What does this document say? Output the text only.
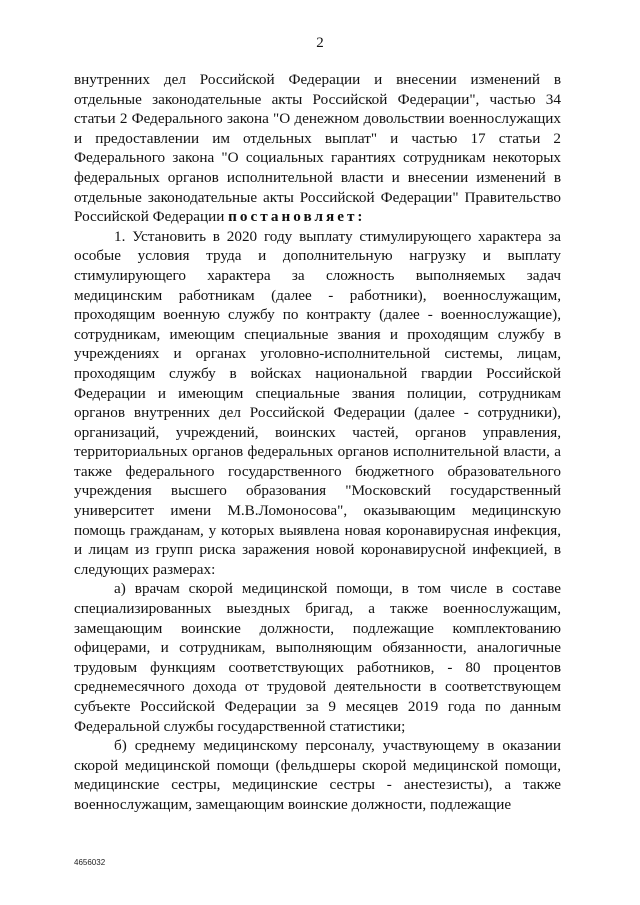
2

внутренних дел Российской Федерации и внесении изменений в отдельные законодательные акты Российской Федерации", частью 34 статьи 2 Федерального закона "О денежном довольствии военнослужащих и предоставлении им отдельных выплат" и частью 17 статьи 2 Федерального закона "О социальных гарантиях сотрудникам некоторых федеральных органов исполнительной власти и внесении изменений в отдельные законодательные акты Российской Федерации" Правительство Российской Федерации постановляет:

1. Установить в 2020 году выплату стимулирующего характера за особые условия труда и дополнительную нагрузку и выплату стимулирующего характера за сложность выполняемых задач медицинским работникам (далее - работники), военнослужащим, проходящим военную службу по контракту (далее - военнослужащие), сотрудникам, имеющим специальные звания и проходящим службу в учреждениях и органах уголовно-исполнительной системы, лицам, проходящим службу в войсках национальной гвардии Российской Федерации и имеющим специальные звания полиции, сотрудникам органов внутренних дел Российской Федерации (далее - сотрудники), организаций, учреждений, воинских частей, органов управления, территориальных органов федеральных органов исполнительной власти, а также федерального государственного бюджетного образовательного учреждения высшего образования "Московский государственный университет имени М.В.Ломоносова", оказывающим медицинскую помощь гражданам, у которых выявлена новая коронавирусная инфекция, и лицам из групп риска заражения новой коронавирусной инфекцией, в следующих размерах:

а) врачам скорой медицинской помощи, в том числе в составе специализированных выездных бригад, а также военнослужащим, замещающим воинские должности, подлежащие комплектованию офицерами, и сотрудникам, выполняющим обязанности, аналогичные трудовым функциям соответствующих работников, - 80 процентов среднемесячного дохода от трудовой деятельности в соответствующем субъекте Российской Федерации за 9 месяцев 2019 года по данным Федеральной службы государственной статистики;

б) среднему медицинскому персоналу, участвующему в оказании скорой медицинской помощи (фельдшеры скорой медицинской помощи, медицинские сестры, медицинские сестры - анестезисты), а также военнослужащим, замещающим воинские должности, подлежащие

4656032
